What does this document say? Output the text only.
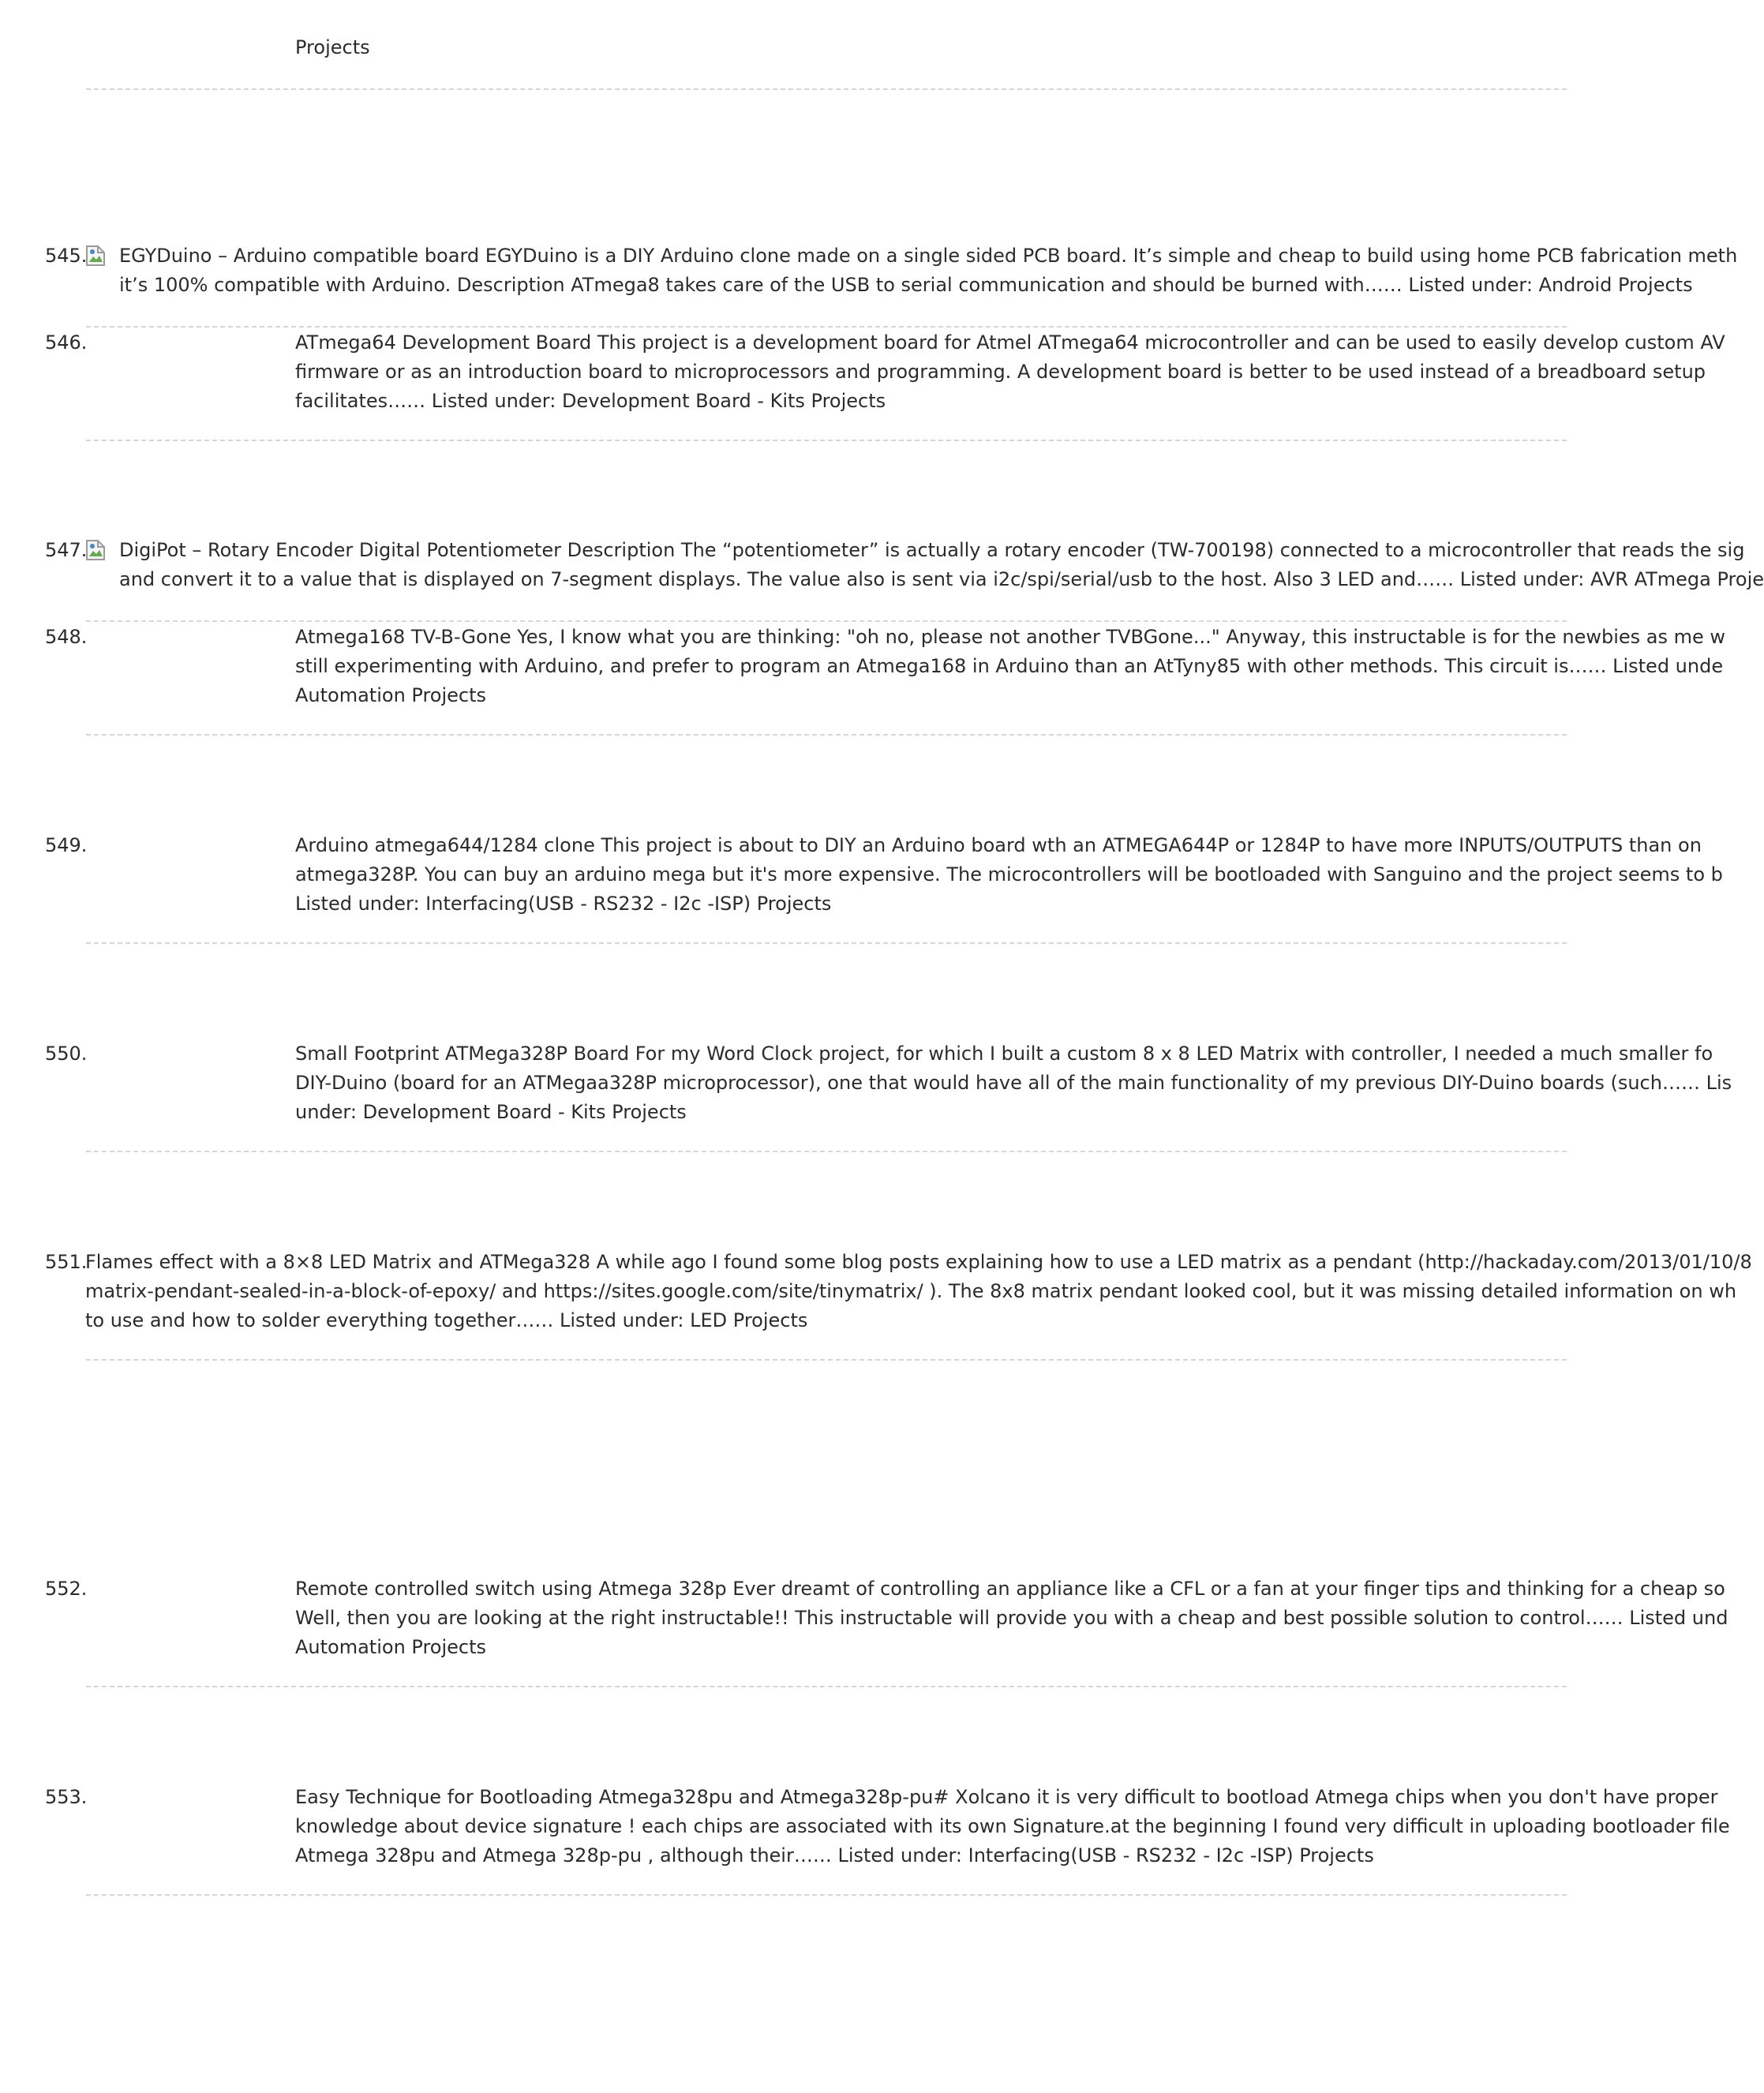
Projects
545. EGYDuino – Arduino compatible board EGYDuino is a DIY Arduino clone made on a single sided PCB board. It’s simple and cheap to build using home PCB fabrication meth
it’s 100% compatible with Arduino. Description ATmega8 takes care of the USB to serial communication and should be burned with…… Listed under: Android Projects
546.	ATmega64 Development Board This project is a development board for Atmel ATmega64 microcontroller and can be used to easily develop custom AV
firmware or as an introduction board to microprocessors and programming. A development board is better to be used instead of a breadboard setup
facilitates…… Listed under: Development Board - Kits Projects
547. DigiPot – Rotary Encoder Digital Potentiometer Description The “potentiometer” is actually a rotary encoder (TW-700198) connected to a microcontroller that reads the sig
and convert it to a value that is displayed on 7-segment displays. The value also is sent via i2c/spi/serial/usb to the host. Also 3 LED and…… Listed under: AVR ATmega Proje
548.	Atmega168 TV-B-Gone Yes, I know what you are thinking: "oh no, please not another TVBGone..." Anyway, this instructable is for the newbies as me w
still experimenting with Arduino, and prefer to program an Atmega168 in Arduino than an AtTyny85 with other methods. This circuit is…… Listed unde
Automation Projects
549.	Arduino atmega644/1284 clone This project is about to DIY an Arduino board wth an ATMEGA644P or 1284P to have more INPUTS/OUTPUTS than on
atmega328P. You can buy an arduino mega but it's more expensive. The microcontrollers will be bootloaded with Sanguino and the project seems to b
Listed under: Interfacing(USB - RS232 - I2c -ISP) Projects
550.	Small Footprint ATMega328P Board For my Word Clock project, for which I built a custom 8 x 8 LED Matrix with controller, I needed a much smaller fo
DIY-Duino (board for an ATMegaa328P microprocessor), one that would have all of the main functionality of my previous DIY-Duino boards (such…… Lis
under: Development Board - Kits Projects
551.
Flames effect with a 8×8 LED Matrix and ATMega328 A while ago I found some blog posts explaining how to use a LED matrix as a pendant (http://hackaday.com/2013/01/10/8
matrix-pendant-sealed-in-a-block-of-epoxy/ and https://sites.google.com/site/tinymatrix/ ). The 8x8 matrix pendant looked cool, but it was missing detailed information on wh
to use and how to solder everything together…… Listed under: LED Projects
552.	Remote controlled switch using Atmega 328p Ever dreamt of controlling an appliance like a CFL or a fan at your finger tips and thinking for a cheap so
Well, then you are looking at the right instructable!! This instructable will provide you with a cheap and best possible solution to control…… Listed und
Automation Projects
553.	Easy Technique for Bootloading Atmega328pu and Atmega328p-pu# Xolcano it is very difficult to bootload Atmega chips when you don't have proper
knowledge about device signature ! each chips are associated with its own Signature.at the beginning I found very difficult in uploading bootloader file
Atmega 328pu and Atmega 328p-pu , although their…… Listed under: Interfacing(USB - RS232 - I2c -ISP) Projects
